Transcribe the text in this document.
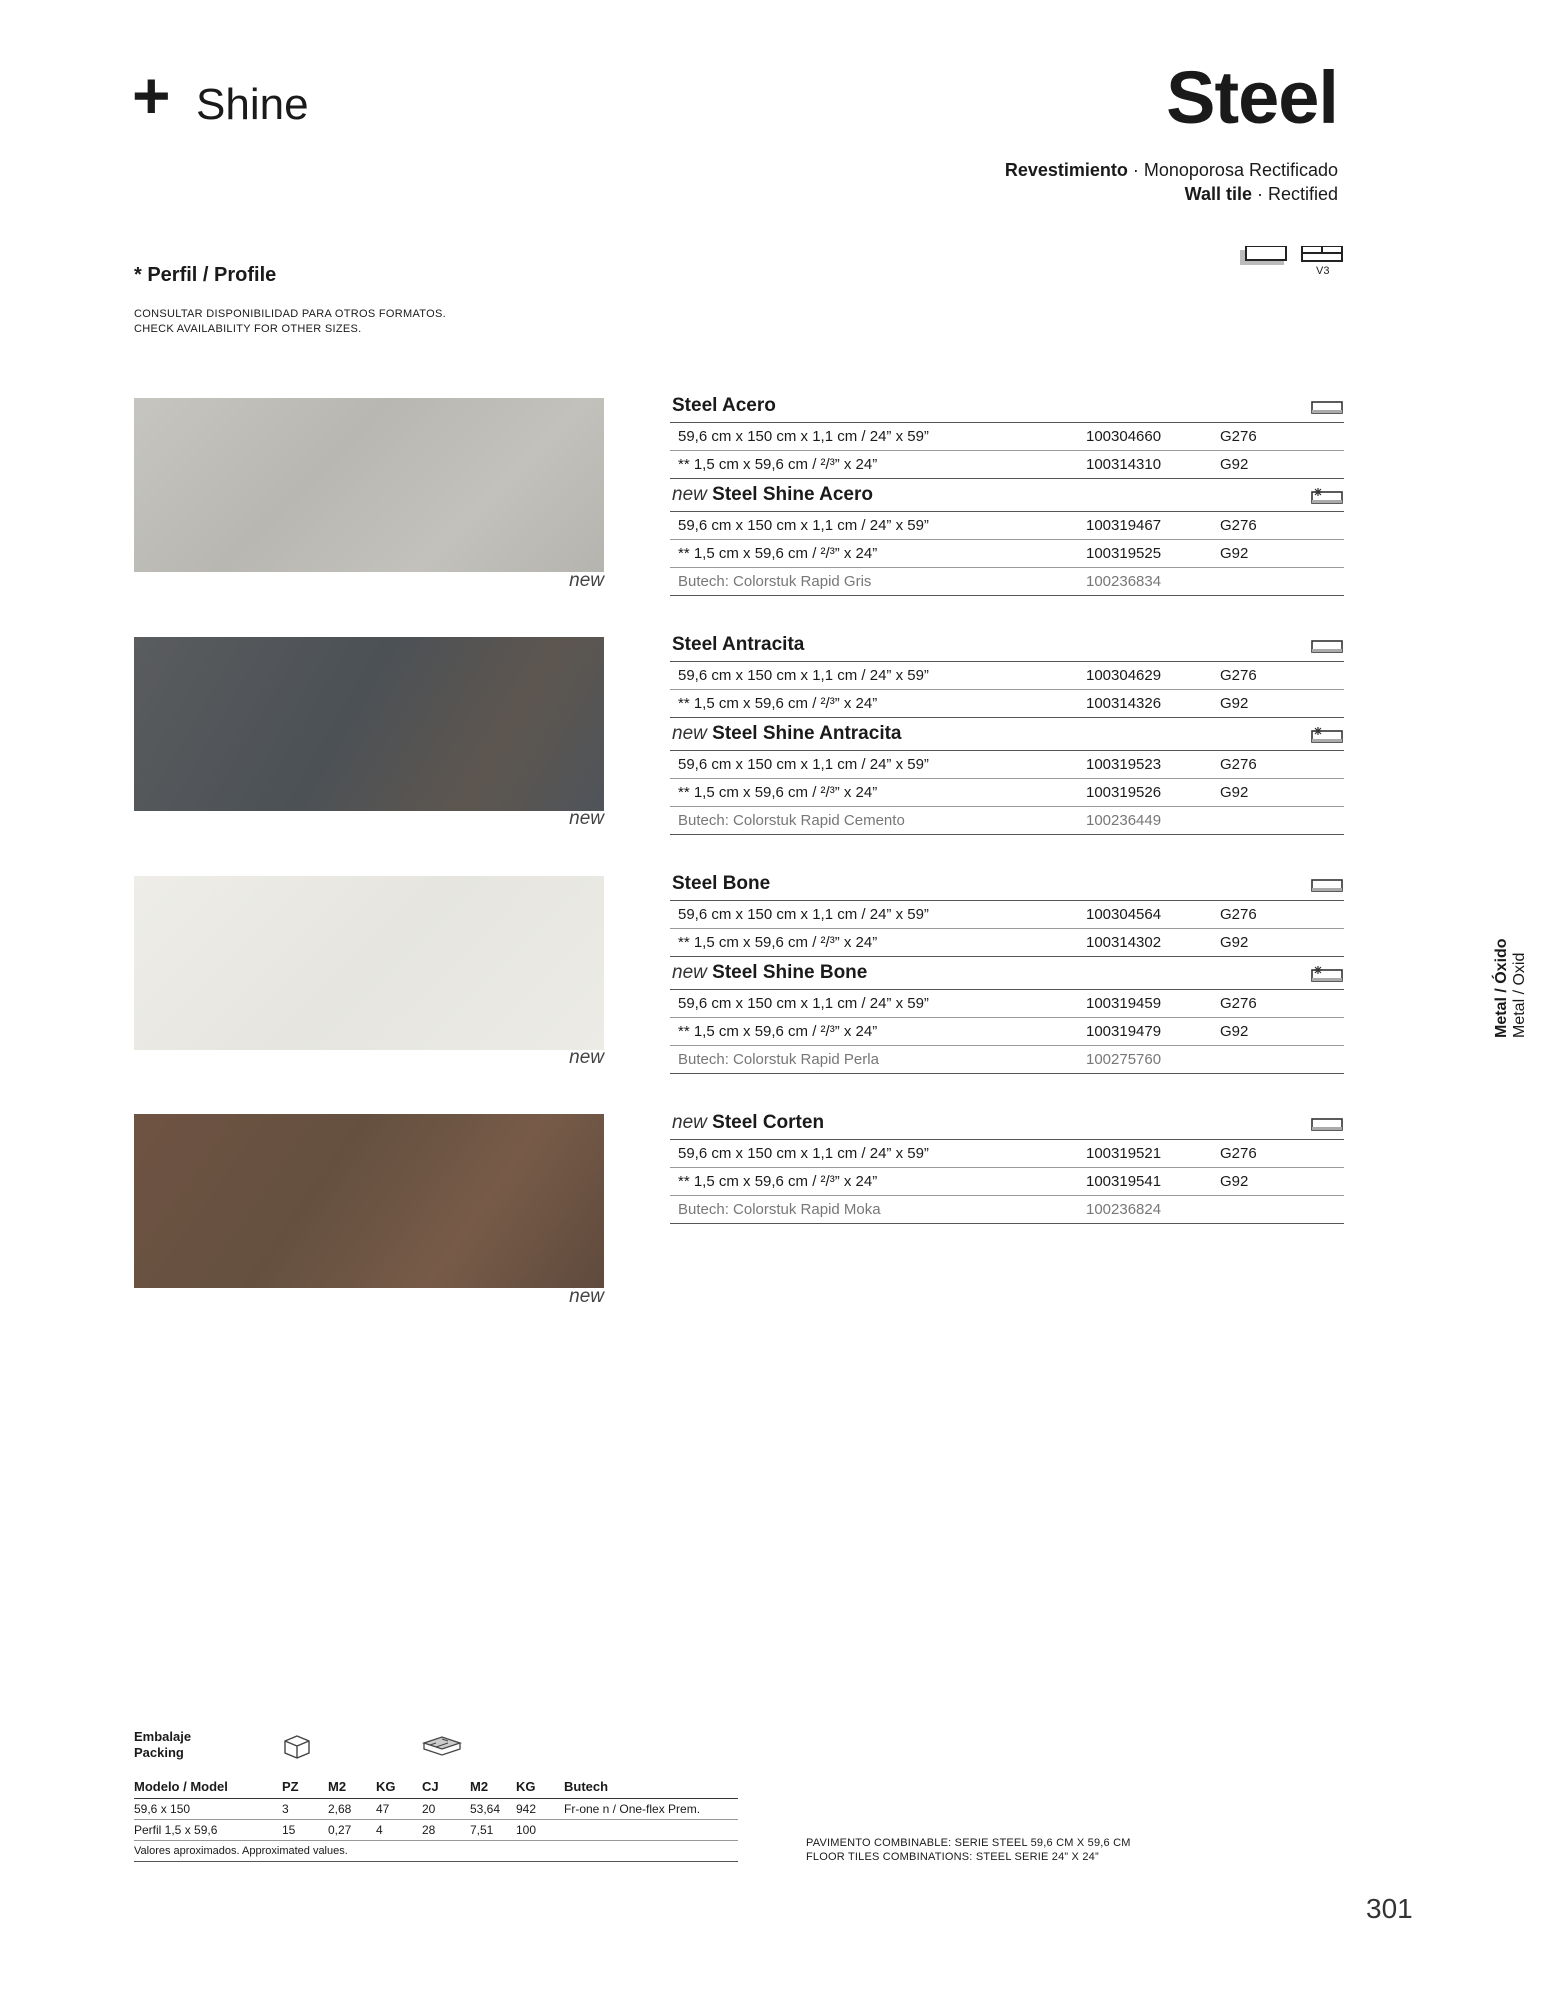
+ Shine	Steel
Revestimiento · Monoporosa Rectificado
Wall tile · Rectified
V3
* Perfil / Profile
CONSULTAR DISPONIBILIDAD PARA OTROS FORMATOS.
CHECK AVAILABILITY FOR OTHER SIZES.
new
new
new
new
Steel Acero
59,6 cm x 150 cm x 1,1 cm / 24” x 59”	100304660	G276
** 1,5 cm x 59,6 cm / ²/³” x 24”	100314310	G92
new Steel Shine Acero
59,6 cm x 150 cm x 1,1 cm / 24” x 59”	100319467	G276
** 1,5 cm x 59,6 cm / ²/³” x 24”	100319525	G92
Butech: Colorstuk Rapid Gris	100236834
Steel Antracita
59,6 cm x 150 cm x 1,1 cm / 24” x 59”	100304629	G276
** 1,5 cm x 59,6 cm / ²/³” x 24”	100314326	G92
new Steel Shine Antracita
59,6 cm x 150 cm x 1,1 cm / 24” x 59”	100319523	G276
** 1,5 cm x 59,6 cm / ²/³” x 24”	100319526	G92
Butech: Colorstuk Rapid Cemento	100236449
Steel Bone
59,6 cm x 150 cm x 1,1 cm / 24” x 59”	100304564	G276
** 1,5 cm x 59,6 cm / ²/³” x 24”	100314302	G92
new Steel Shine Bone
59,6 cm x 150 cm x 1,1 cm / 24” x 59”	100319459	G276
** 1,5 cm x 59,6 cm / ²/³” x 24”	100319479	G92
Butech: Colorstuk Rapid Perla	100275760
new Steel Corten
59,6 cm x 150 cm x 1,1 cm / 24” x 59”	100319521	G276
** 1,5 cm x 59,6 cm / ²/³” x 24”	100319541	G92
Butech: Colorstuk Rapid Moka	100236824
Metal / Óxido Metal / Oxid
Embalaje
Packing
Modelo / Model	PZ M2 KG CJ M2 KG Butech
59,6 x 150	3	2,68 47	20	53,64 942 Fr-one n / One-flex Prem.
Perfil 1,5 x 59,6	15	0,27 4	28	7,51 100
Valores aproximados. Approximated values.
PAVIMENTO COMBINABLE: SERIE STEEL 59,6 CM X 59,6 CM
FLOOR TILES COMBINATIONS: STEEL SERIE 24” X 24”
301
